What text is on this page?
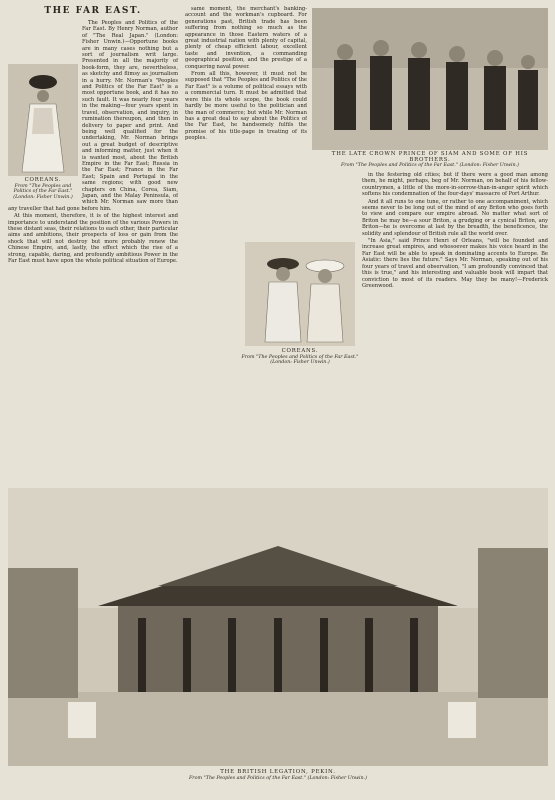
THE FAR EAST.
COREANS.
From "The Peoples and Politics of the Far East."
(London: Fisher Unwin.)

The Peoples and Politics of the Far East. By Henry Norman, author of "The Real Japan." (London: Fisher Unwin.)—Opportune books are in many cases nothing but a sort of journalism writ large. Presented in all the majority of book-form, they are, nevertheless, as sketchy and flimsy as journalism in a hurry. Mr. Norman's "Peoples and Politics of the Far East" is a most opportune book, and it has no such fault. It was nearly four years in the making—four years spent in travel, observation, and inquiry, in rumination thereupon, and then in delivery to paper and print. And being well qualified for the undertaking, Mr. Norman brings out a great budget of descriptive and informing matter, just when it is wanted most, about the British Empire in the Far East; Russia in the Far East; France in the Far East; Spain and Portugal in the same regions; with good new chapters on China, Corea, Siam, Japan, and the Malay Peninsula, of which Mr. Norman saw more than any traveller that had gone before him.

At this moment, therefore, it is of the highest interest and importance to understand the position of the various Powers in these distant seas, their relations to each other, their particular aims and ambitions, their prospects of loss or gain from the shock that will not destroy but more probably renew the Chinese Empire, and, lastly, the effect which the rise of a strong, capable, daring, and profoundly ambitious Power in the Far East must have upon the whole political situation of Europe.

same moment, the merchant's banking-account and the workman's cupboard. For generations past, British trade has been suffering from nothing so much as the appearance in those Eastern waters of a great industrial nation with plenty of capital, plenty of cheap efficient labour, excellent taste and invention, a commanding geographical position, and the prestige of a conquering naval power.

From all this, however, it must not be supposed that "The Peoples and Politics of the Far East" is a volume of political essays with a commercial turn. It must be admitted that were this its whole scope, the book could hardly be more useful to the politician and the man of commerce; but while Mr. Norman has a great deal to say about the Politics of the Far East, he handsomely fulfils the promise of his title-page in treating of its peoples.

COREANS.
From "The Peoples and Politics of the Far East."
(London: Fisher Unwin.)
THE LATE CROWN PRINCE OF SIAM AND SOME OF HIS BROTHERS.
From "The Peoples and Politics of the Far East." (London: Fisher Unwin.)

in the festering old cities; but if there were a good man among them, he might, perhaps, beg of Mr. Norman, on behalf of his fellow-countrymen, a little of the more-in-sorrow-than-in-anger spirit which softens his condemnation of the four-days' massacre of Port Arthur.

And it all runs to one tune, or rather to one accompaniment, which seems never to be long out of the mind of any Briton who goes forth to view and compare our empire abroad. No matter what sort of Briton he may be—a sour Briton, a grudging or a cynical Briton, any Briton—he is overcome at last by the breadth, the beneficence, the solidity and splendour of British rule all the world over.

"In Asia," said Prince Henri of Orleans, "will be founded and increase great empires, and whosoever makes his voice heard in the Far East will be able to speak in dominating accents to Europe. Be Asiatic: there lies the future." Says Mr. Norman, speaking out of his four years of travel and observation, "I am profoundly convinced that this is true," and his interesting and valuable book will impart that conviction to most of its readers. May they be many!—Frederick Greenwood.

THE BRITISH LEGATION, PEKIN.
From "The Peoples and Politics of the Far East." (London: Fisher Unwin.)
